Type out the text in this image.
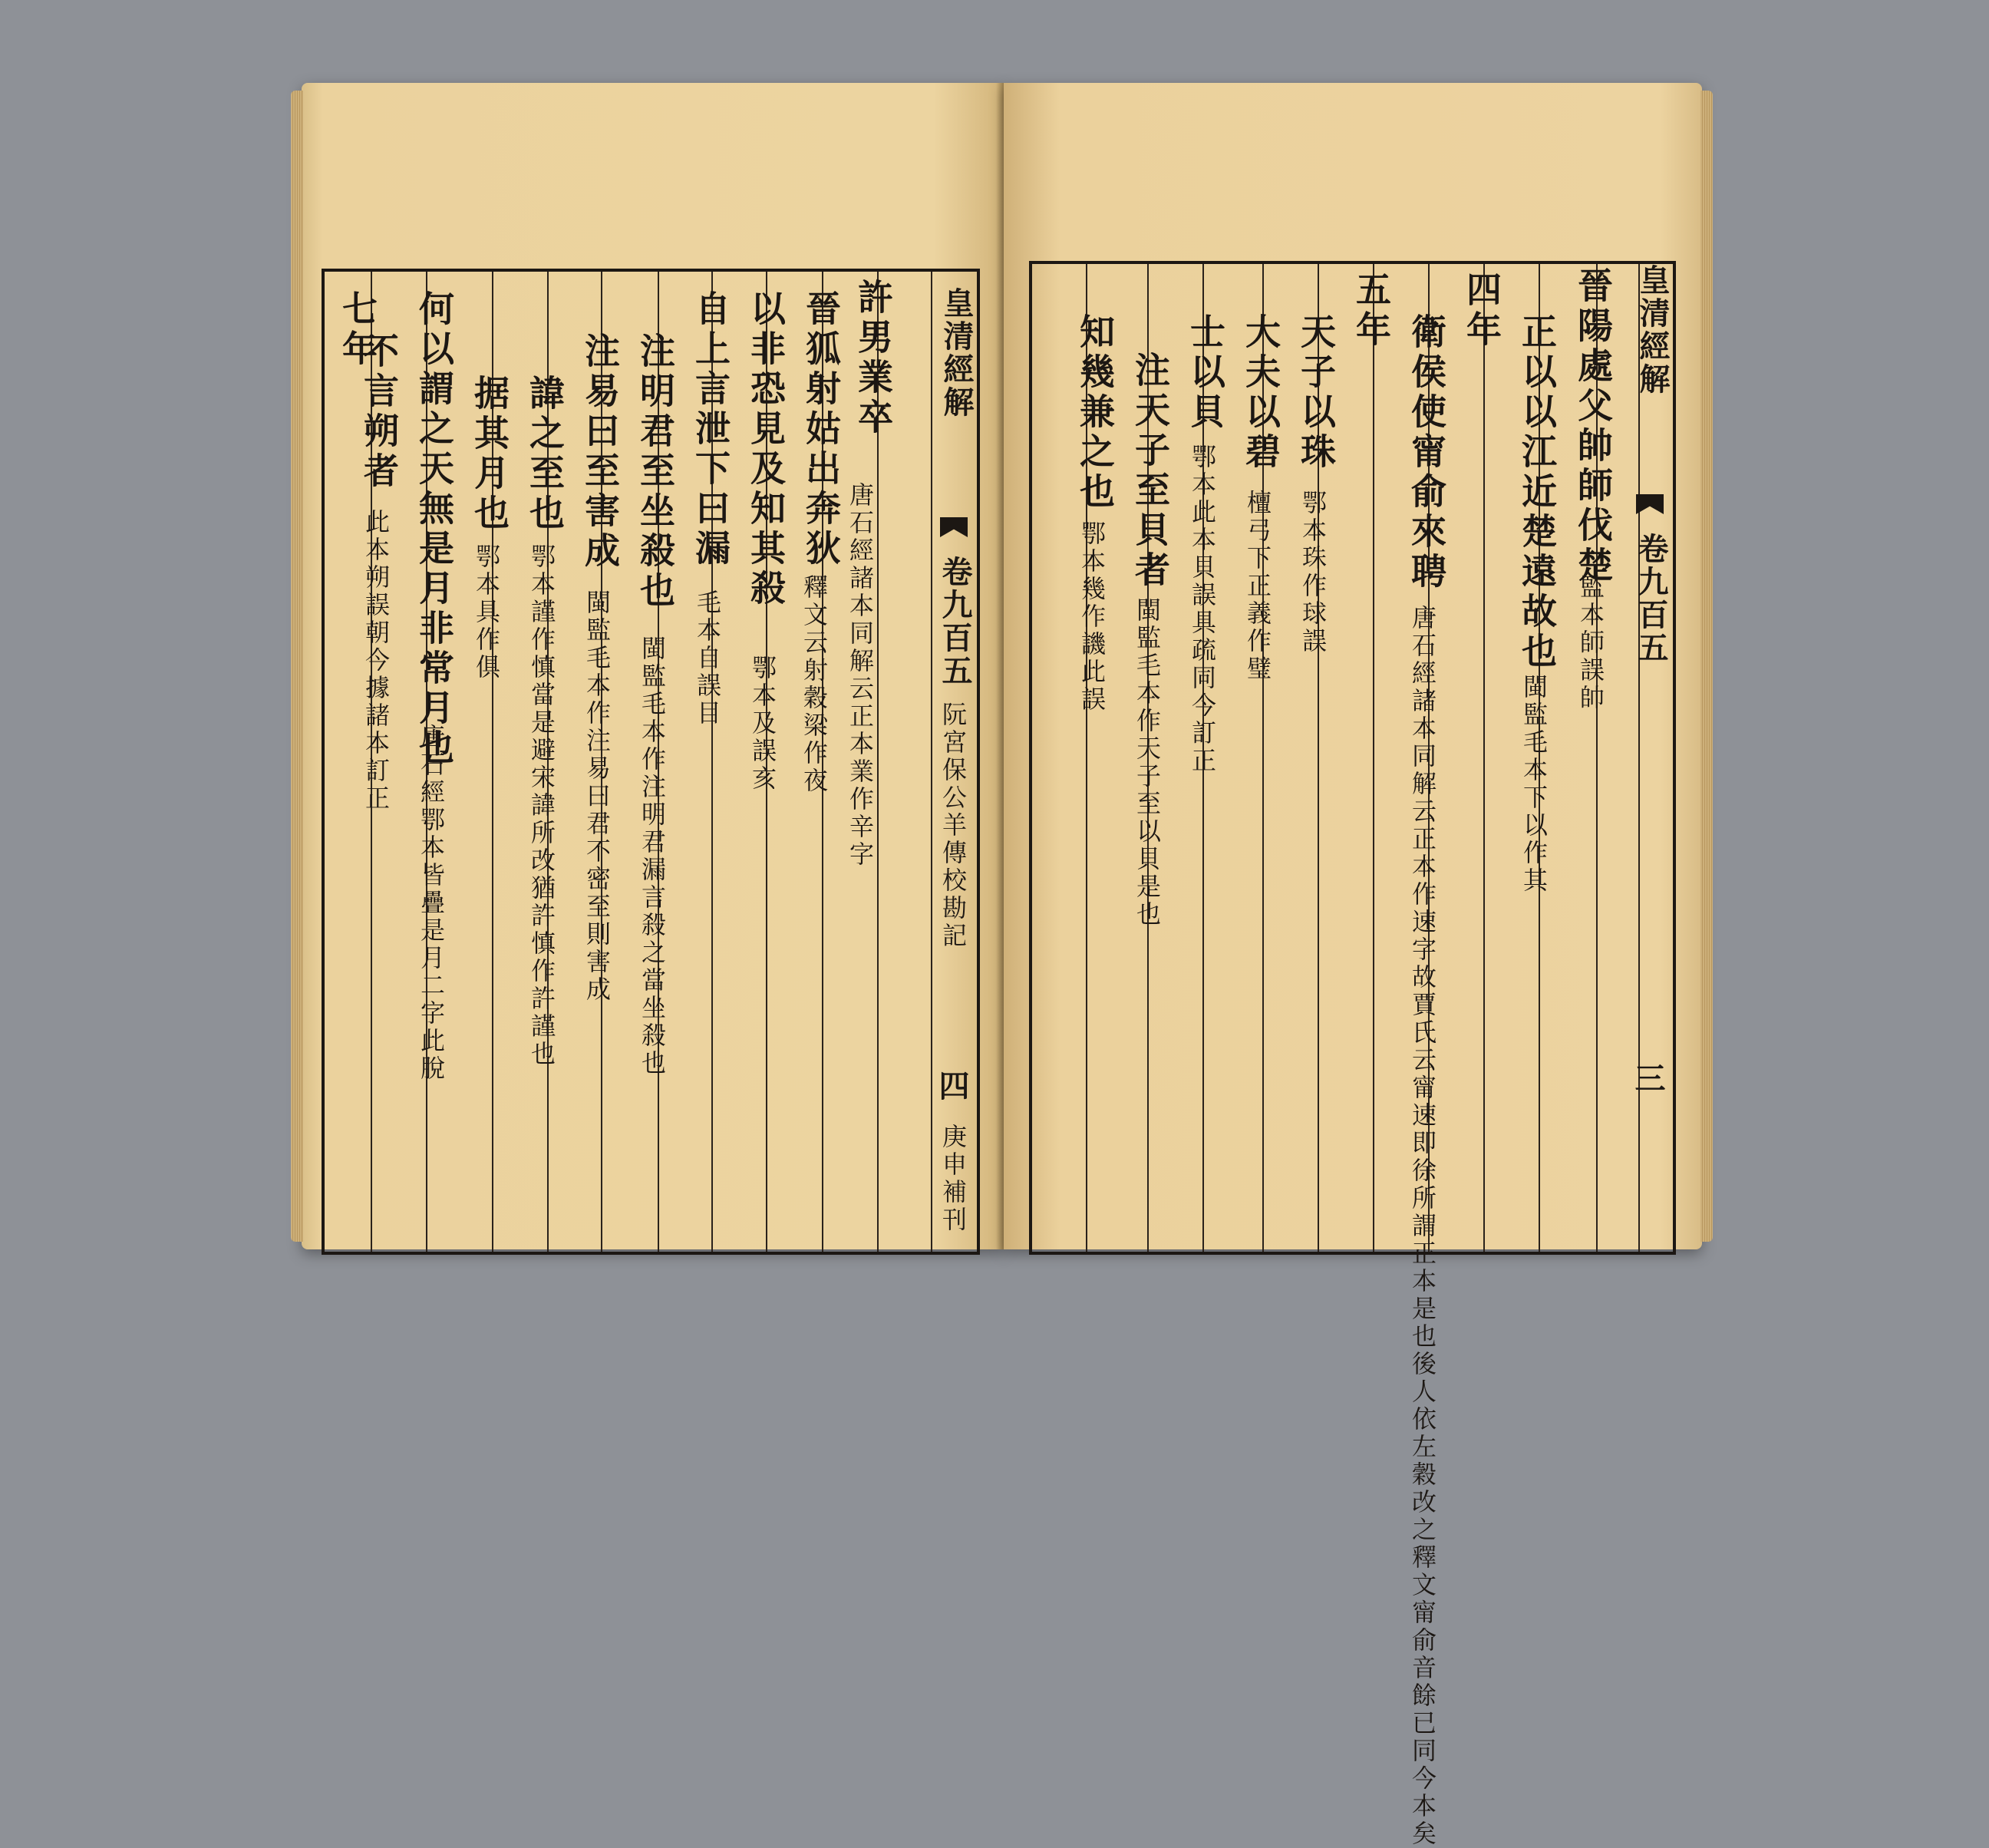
皇清經解
卷九百五
阮宮保公羊傳校勘記
四
庚申補刊
許男業卒
唐石經諸本同解云正本業作辛字
晉狐射姑出奔狄
釋文云射穀梁作夜
以非恐見及知其殺
鄂本及誤亥
自上言泄下曰漏
毛本自誤目
注明君至坐殺也
閩監毛本作注明君漏言殺之當坐殺也
注易曰至害成
閩監毛本作注易曰君不密至則害成
諱之至也
鄂本謹作慎當是避宋諱所改猶許慎作許謹也
据其月也
鄂本具作俱
何以謂之天無是月非常月也
唐石經鄂本皆疊是月二字此脫
不言朔者
此本朔誤朝今據諸本訂正
七年	皇清經解
卷九百五
三
晉陽處父帥師伐楚
監本師誤帥
正以以江近楚遠故也
閩監毛本下以作其
四年
衛侯使甯俞來聘
唐石經諸本同解云正本作速字故賈氏云甯速即徐所謂正本是也後人依左穀改之釋文甯俞音餘已同今本矣
五年
天子以珠
鄂本珠作球誤
大夫以碧
檀弓下正義作璧
士以貝
鄂本此本貝誤具疏同今訂正
注天子至貝者
閩監毛本作天子至以貝是也
知幾兼之也
鄂本幾作譏此誤
